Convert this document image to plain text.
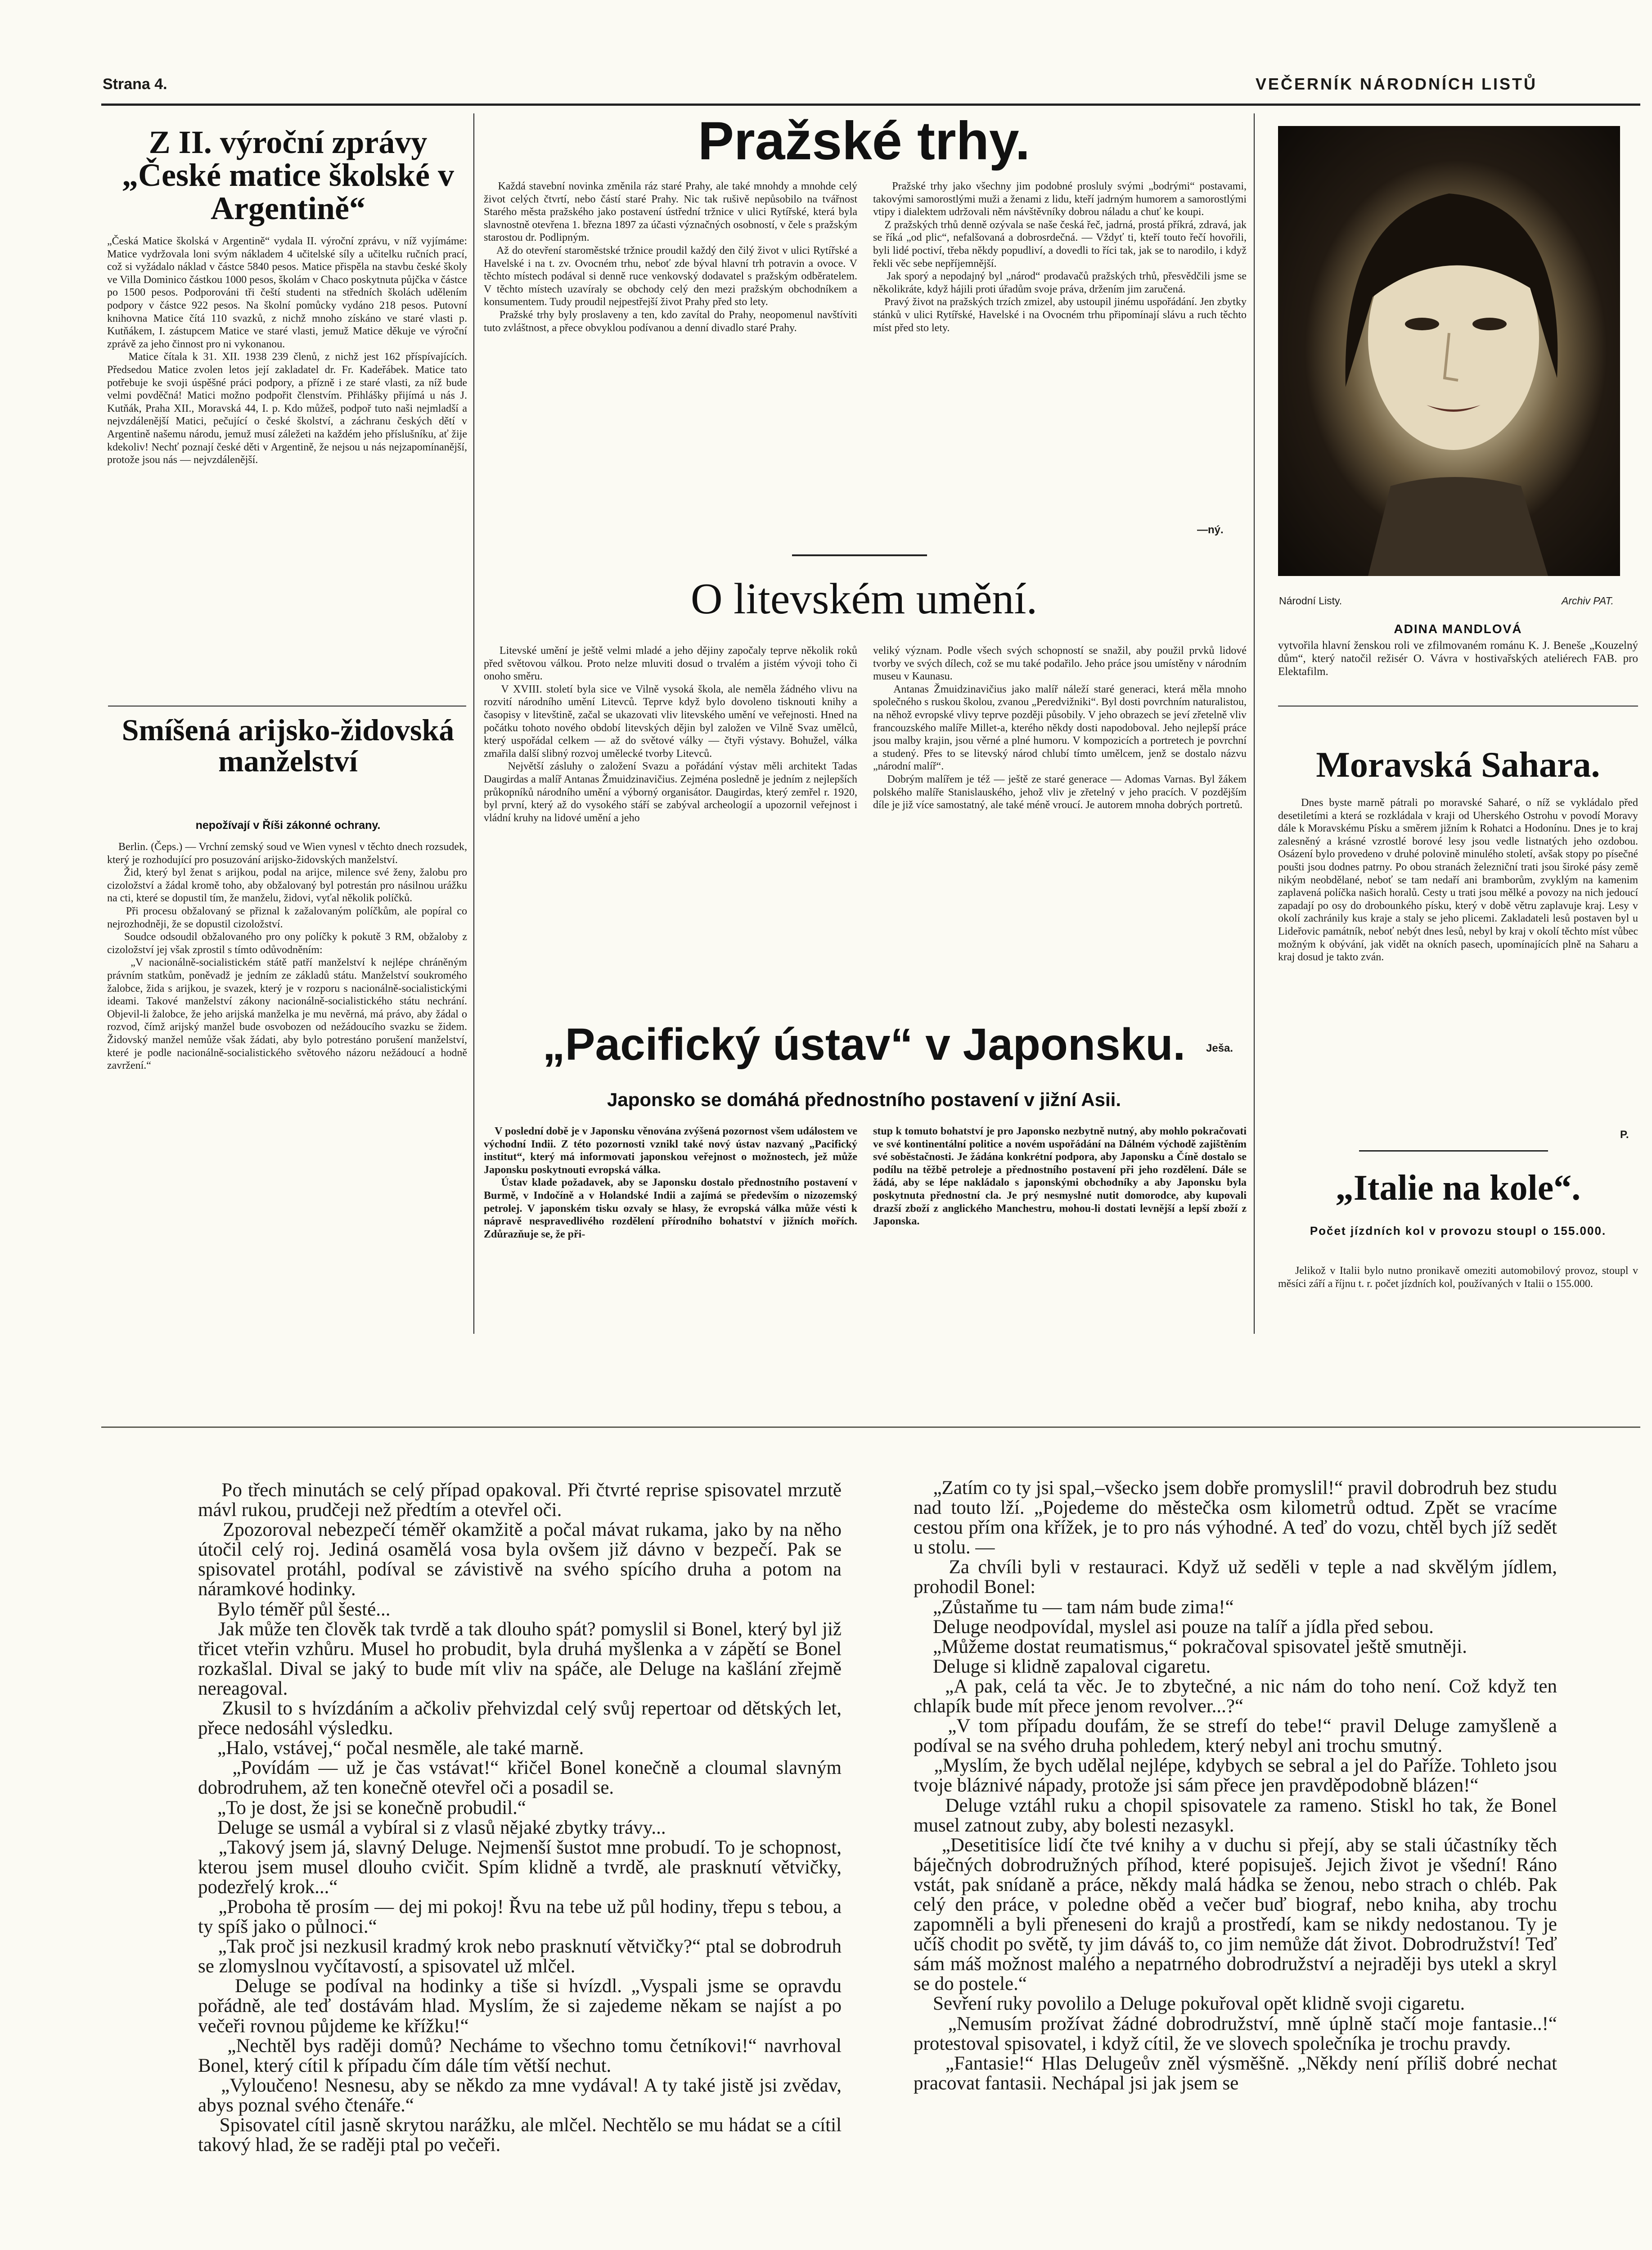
Strana 4.	VEČERNÍK NÁRODNÍCH LISTŮ
Z II. výroční zprávy „České matice školské v Argentině“
„Česká Matice školská v Argentině“ vydala II. výroční zprávu, v níž vyjímáme: Matice vydržovala loni svým nákladem 4 učitelské síly a učitelku ručních prací, což si vyžádalo náklad v částce 5840 pesos. Matice přispěla na stavbu české školy ve Villa Dominico částkou 1000 pesos, školám v Chaco poskytnuta půjčka v částce po 1500 pesos. Podporováni tři čeští studenti na středních školách udělením podpory v částce 922 pesos. Na školní pomůcky vydáno 218 pesos. Putovní knihovna Matice čítá 110 svazků, z nichž mnoho získáno ve staré vlasti p. Kutňákem, I. zástupcem Matice ve staré vlasti, jemuž Matice děkuje ve výroční zprávě za jeho činnost pro ni vykonanou.
Matice čítala k 31. XII. 1938 239 členů, z nichž jest 162 příspívajících. Předsedou Matice zvolen letos její zakladatel dr. Fr. Kadeřábek. Matice tato potřebuje ke svoji úspěšné práci podpory, a přízně i ze staré vlasti, za níž bude velmi povděčná! Matici možno podpořit členstvím. Přihlášky přijímá u nás J. Kutňák, Praha XII., Moravská 44, I. p. Kdo můžeš, podpoř tuto naši nejmladší a nejvzdálenější Matici, pečující o české školství, a záchranu českých dětí v Argentině našemu národu, jemuž musí záležeti na každém jeho příslušníku, ať žije kdekoliv! Nechť poznají české děti v Argentině, že nejsou u nás nejzapomínanější, protože jsou nás — nejvzdálenější.
Smíšená arijsko-židovská manželství
nepožívají v Říši zákonné ochrany.
Berlin. (Čeps.) — Vrchní zemský soud ve Wien vynesl v těchto dnech rozsudek, který je rozhodující pro posuzování arijsko-židovských manželství.
Žid, který byl ženat s arijkou, podal na arijce, milence své ženy, žalobu pro cizoložství a žádal kromě toho, aby obžalovaný byl potrestán pro násilnou urážku na cti, které se dopustil tím, že manželu, židovi, vyťal několik políčků.
Při procesu obžalovaný se přiznal k zažalovaným políčkům, ale popíral co nejrozhodněji, že se dopustil cizoložství.
Soudce odsoudil obžalovaného pro ony políčky k pokutě 3 RM, obžaloby z cizoložství jej však zprostil s tímto odůvodněním:
„V nacionálně-socialistickém státě patří manželství k nejlépe chráněným právním statkům, poněvadž je jedním ze základů státu. Manželství soukromého žalobce, žida s arijkou, je svazek, který je v rozporu s nacionálně-socialistickými ideami. Takové manželství zákony nacionálně-socialistického státu nechrání. Objevil-li žalobce, že jeho arijská manželka je mu nevěrná, má právo, aby žádal o rozvod, čímž arijský manžel bude osvobozen od nežádoucího svazku se židem. Židovský manžel nemůže však žádati, aby bylo potrestáno porušení manželství, které je podle nacionálně-socialistického světového názoru nežádoucí a hodně zavržení.“
Pražské trhy.
Každá stavební novinka změnila ráz staré Prahy, ale také mnohdy a mnohde celý život celých čtvrtí, nebo částí staré Prahy. Nic tak rušivě nepůsobilo na tvářnost Starého města pražského jako postavení ústřední tržnice v ulici Rytířské, která byla slavnostně otevřena 1. března 1897 za účasti význačných osobností, v čele s pražským starostou dr. Podlipným.
Až do otevření staroměstské tržnice proudil každý den čilý život v ulici Rytířské a Havelské i na t. zv. Ovocném trhu, neboť zde býval hlavní trh potravin a ovoce. V těchto místech podával si denně ruce venkovský dodavatel s pražským odběratelem. V těchto místech uzavíraly se obchody celý den mezi pražským obchodníkem a konsumentem. Tudy proudil nejpestřejší život Prahy před sto lety.
Pražské trhy byly proslaveny a ten, kdo zavítal do Prahy, neopomenul navštíviti tuto zvláštnost, a přece obvyklou podívanou a denní divadlo staré Prahy.
Pražské trhy jako všechny jim podobné prosluly svými „bodrými“ postavami, takovými samorostlými muži a ženami z lidu, kteří jadrným humorem a samorostlými vtipy i dialektem udržovali něm návštěvníky dobrou náladu a chuť ke koupi.
Z pražských trhů denně ozývala se naše česká řeč, jadrná, prostá příkrá, zdravá, jak se říká „od plic“, nefalšovaná a dobrosrdečná. — Vždyť ti, kteří touto řečí hovořili, byli lidé poctiví, třeba někdy popudliví, a dovedli to říci tak, jak se to narodilo, i když řekli věc sebe nepříjemnější.
Jak sporý a nepodajný byl „národ“ prodavačů pražských trhů, přesvědčili jsme se několikráte, když hájili proti úřadům svoje práva, držením jim zaručená.
Pravý život na pražských trzích zmizel, aby ustoupil jinému uspořádání. Jen zbytky stánků v ulici Rytířské, Havelské i na Ovocném trhu připomínají slávu a ruch těchto míst před sto lety.
—ný.
O litevském umění.
Litevské umění je ještě velmi mladé a jeho dějiny započaly teprve několik roků před světovou válkou. Proto nelze mluviti dosud o trvalém a jistém vývoji toho či onoho směru.
V XVIII. století byla sice ve Vilně vysoká škola, ale neměla žádného vlivu na rozvití národního umění Litevců. Teprve když bylo dovoleno tisknouti knihy a časopisy v litevštině, začal se ukazovati vliv litevského umění ve veřejnosti. Hned na počátku tohoto nového období litevských dějin byl založen ve Vilně Svaz umělců, který uspořádal celkem — až do světové války — čtyři výstavy. Bohužel, válka zmařila další slibný rozvoj umělecké tvorby Litevců.
Největší zásluhy o založení Svazu a pořádání výstav měli architekt Tadas Daugirdas a malíř Antanas Žmuidzinavičius. Zejména posledně je jedním z nejlepších průkopníků národního umění a výborný organisátor. Daugirdas, který zemřel r. 1920, byl první, který až do vysokého stáří se zabýval archeologií a upozornil veřejnost i vládní kruhy na lidové umění a jeho
veliký význam. Podle všech svých schopností se snažil, aby použil prvků lidové tvorby ve svých dílech, což se mu také podařilo. Jeho práce jsou umístěny v národním museu v Kaunasu.
Antanas Žmuidzinavičius jako malíř náleží staré generaci, která měla mnoho společného s ruskou školou, zvanou „Peredvižniki“. Byl dosti povrchním naturalistou, na něhož evropské vlivy teprve později působily. V jeho obrazech se jeví zřetelně vliv francouzského malíře Millet-a, kterého někdy dosti napodoboval. Jeho nejlepší práce jsou malby krajin, jsou věrné a plné humoru. V kompozicích a portretech je povrchní a studený. Přes to se litevský národ chlubí tímto umělcem, jenž se dostalo názvu „národní malíř“.
Dobrým malířem je též — ještě ze staré generace — Adomas Varnas. Byl žákem polského malíře Stanislauského, jehož vliv je zřetelný v jeho pracích. V pozdějším díle je již více samostatný, ale také méně vroucí. Je autorem mnoha dobrých portretů.
Ješa.
„Pacifický ústav“ v Japonsku.
Japonsko se domáhá přednostního postavení v jižní Asii.
V poslední době je v Japonsku věnována zvýšená pozornost všem událostem ve východní Indii. Z této pozornosti vznikl také nový ústav nazvaný „Pacifický institut“, který má informovati japonskou veřejnost o možnostech, jež může Japonsku poskytnouti evropská válka.
Ústav klade požadavek, aby se Japonsku dostalo přednostního postavení v Burmě, v Indočíně a v Holandské Indii a zajímá se především o nizozemský petrolej. V japonském tisku ozvaly se hlasy, že evropská válka může vésti k nápravě nespravedlivého rozdělení přírodního bohatství v jižních mořích. Zdůrazňuje se, že při-
stup k tomuto bohatství je pro Japonsko nezbytně nutný, aby mohlo pokračovati ve své kontinentální politice a novém uspořádání na Dálném východě zajištěním své soběstačnosti. Je žádána konkrétní podpora, aby Japonsku a Číně dostalo se podílu na těžbě petroleje a přednostního postavení při jeho rozdělení. Dále se žádá, aby se lépe nakládalo s japonskými obchodníky a aby Japonsku byla poskytnuta přednostní cla. Je prý nesmyslné nutit domorodce, aby kupovali drazší zboží z anglického Manchestru, mohou-li dostati levnější a lepší zboží z Japonska.
Národní Listy.	Archiv PAT.
ADINA MANDLOVÁ
vytvořila hlavní ženskou roli ve zfilmovaném románu K. J. Beneše „Kouzelný dům“, který natočil režisér O. Vávra v hostivařských ateliérech FAB. pro Elektafilm.
Moravská Sahara.
Dnes byste marně pátrali po moravské Saharé, o níž se vykládalo před desetiletími a která se rozkládala v kraji od Uherského Ostrohu v povodí Moravy dále k Moravskému Písku a směrem jižním k Rohatci a Hodonínu. Dnes je to kraj zalesněný a krásné vzrostlé borové lesy jsou vedle listnatých jeho ozdobou. Osázení bylo provedeno v druhé polovině minulého století, avšak stopy po písečné poušti jsou dodnes patrny. Po obou stranách železniční trati jsou široké pásy země nikým neobdělané, neboť se tam nedaří ani bramborům, zvyklým na kamenim zaplavená políčka našich horalů. Cesty u trati jsou mělké a povozy na nich jedoucí zapadají po osy do drobounkého písku, který v době větru zaplavuje kraj. Lesy v okolí zachránily kus kraje a staly se jeho plicemi. Zakladateli lesů postaven byl u Lideřovic památník, neboť nebýt dnes lesů, nebyl by kraj v okolí těchto míst vůbec možným k obývání, jak vidět na okních pasech, upomínajících plně na Saharu a kraj dosud je takto zván.
P.
„Italie na kole“.
Počet jízdních kol v provozu stoupl o 155.000.
Jelikož v Italii bylo nutno pronikavě omeziti automobilový provoz, stoupl v měsíci září a říjnu t. r. počet jízdních kol, používaných v Italii o 155.000.
Po třech minutách se celý případ opakoval. Při čtvrté reprise spisovatel mrzutě mávl rukou, prudčeji než předtím a otevřel oči.
Zpozoroval nebezpečí téměř okamžitě a počal mávat rukama, jako by na něho útočil celý roj. Jediná osamělá vosa byla ovšem již dávno v bezpečí. Pak se spisovatel protáhl, podíval se závistivě na svého spícího druha a potom na náramkové hodinky.
Bylo téměř půl šesté...
Jak může ten člověk tak tvrdě a tak dlouho spát? pomyslil si Bonel, který byl již třicet vteřin vzhůru. Musel ho probudit, byla druhá myšlenka a v zápětí se Bonel rozkašlal. Dival se jaký to bude mít vliv na spáče, ale Deluge na kašlání zřejmě nereagoval.
Zkusil to s hvízdáním a ačkoliv přehvizdal celý svůj repertoar od dětských let, přece nedosáhl výsledku.
„Halo, vstávej,“ počal nesměle, ale také marně.
„Povídám — už je čas vstávat!“ křičel Bonel konečně a cloumal slavným dobrodruhem, až ten konečně otevřel oči a posadil se.
„To je dost, že jsi se konečně probudil.“
Deluge se usmál a vybíral si z vlasů nějaké zbytky trávy...
„Takový jsem já, slavný Deluge. Nejmenší šustot mne probudí. To je schopnost, kterou jsem musel dlouho cvičit. Spím klidně a tvrdě, ale prasknutí větvičky, podezřelý krok...“
„Proboha tě prosím — dej mi pokoj! Řvu na tebe už půl hodiny, třepu s tebou, a ty spíš jako o půlnoci.“
„Tak proč jsi nezkusil kradmý krok nebo prasknutí větvičky?“ ptal se dobrodruh se zlomyslnou vyčítavostí, a spisovatel už mlčel.
Deluge se podíval na hodinky a tiše si hvízdl. „Vyspali jsme se opravdu pořádně, ale teď dostávám hlad. Myslím, že si zajedeme někam se najíst a po večeři rovnou půjdeme ke křížku!“
„Nechtěl bys raději domů? Necháme to všechno tomu četníkovi!“ navrhoval Bonel, který cítil k případu čím dále tím větší nechut.
„Vyloučeno! Nesnesu, aby se někdo za mne vydával! A ty také jistě jsi zvědav, abys poznal svého čtenáře.“
Spisovatel cítil jasně skrytou narážku, ale mlčel. Nechtělo se mu hádat se a cítil takový hlad, že se raději ptal po večeři.
„Zatím co ty jsi spal,–všecko jsem dobře promyslil!“ pravil dobrodruh bez studu nad touto lží. „Pojedeme do městečka osm kilometrů odtud. Zpět se vracíme cestou přím ona křížek, je to pro nás výhodné. A teď do vozu, chtěl bych jíž sedět u stolu. —
Za chvíli byli v restauraci. Když už seděli v teple a nad skvělým jídlem, prohodil Bonel:
„Zůstaňme tu — tam nám bude zima!“
Deluge neodpovídal, myslel asi pouze na talíř a jídla před sebou.
„Můžeme dostat reumatismus,“ pokračoval spisovatel ještě smutněji.
Deluge si klidně zapaloval cigaretu.
„A pak, celá ta věc. Je to zbytečné, a nic nám do toho není. Což když ten chlapík bude mít přece jenom revolver...?“
„V tom případu doufám, že se strefí do tebe!“ pravil Deluge zamyšleně a podíval se na svého druha pohledem, který nebyl ani trochu smutný.
„Myslím, že bych udělal nejlépe, kdybych se sebral a jel do Paříže. Tohleto jsou tvoje bláznivé nápady, protože jsi sám přece jen pravděpodobně blázen!“
Deluge vztáhl ruku a chopil spisovatele za rameno. Stiskl ho tak, že Bonel musel zatnout zuby, aby bolesti nezasykl.
„Desetitisíce lidí čte tvé knihy a v duchu si přejí, aby se stali účastníky těch báječných dobrodružných příhod, které popisuješ. Jejich život je všední! Ráno vstát, pak snídaně a práce, někdy malá hádka se ženou, nebo strach o chléb. Pak celý den práce, v poledne oběd a večer buď biograf, nebo kniha, aby trochu zapomněli a byli přeneseni do krajů a prostředí, kam se nikdy nedostanou. Ty je učíš chodit po světě, ty jim dáváš to, co jim nemůže dát život. Dobrodružství! Teď sám máš možnost malého a nepatrného dobrodružství a nejraději bys utekl a skryl se do postele.“
Sevření ruky povolilo a Deluge pokuřoval opět klidně svoji cigaretu.
„Nemusím prožívat žádné dobrodružství, mně úplně stačí moje fantasie..!“ protestoval spisovatel, i když cítil, že ve slovech společníka je trochu pravdy.
„Fantasie!“ Hlas Delugeův zněl výsměšně. „Někdy není příliš dobré nechat pracovat fantasii. Nechápal jsi jak jsem se
